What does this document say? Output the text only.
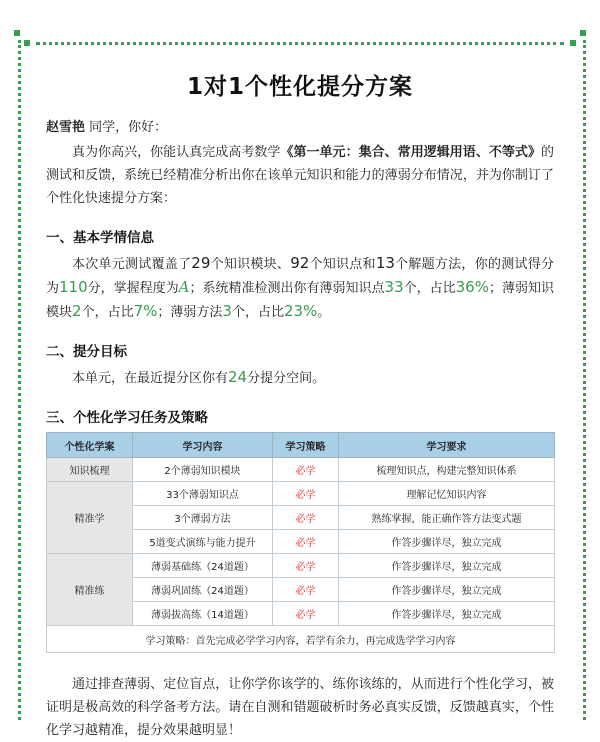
1对1个性化提分方案
赵雪艳 同学，你好：

真为你高兴，你能认真完成高考数学《第一单元：集合、常用逻辑用语、不等式》的测试和反馈，系统已经精准分析出你在该单元知识和能力的薄弱分布情况，并为你制订了个性化快速提分方案：

一、基本学情信息

本次单元测试覆盖了29个知识模块、92个知识点和13个解题方法，你的测试得分为110分，掌握程度为A；系统精准检测出你有薄弱知识点33个，占比36%；薄弱知识模块2个，占比7%；薄弱方法3个，占比23%。

二、提分目标

本单元，在最近提分区你有24分提分空间。

三、个性化学习任务及策略
个性化学案	学习内容	学习策略	学习要求
知识梳理	2个薄弱知识模块	必学	梳理知识点，构建完整知识体系
精准学	33个薄弱知识点	必学	理解记忆知识内容
	3个薄弱方法	必学	熟练掌握，能正确作答方法变式题
	5道变式演练与能力提升	必学	作答步骤详尽，独立完成
精准练	薄弱基础练（24道题）	必学	作答步骤详尽，独立完成
	薄弱巩固练（24道题）	必学	作答步骤详尽，独立完成
	薄弱拔高练（14道题）	必学	作答步骤详尽，独立完成
学习策略：首先完成必学学习内容，若学有余力，再完成选学学习内容			

通过排查薄弱、定位盲点，让你学你该学的、练你该练的，从而进行个性化学习，被证明是极高效的科学备考方法。请在自测和错题破析时务必真实反馈，反馈越真实，个性化学习越精准，提分效果越明显！
